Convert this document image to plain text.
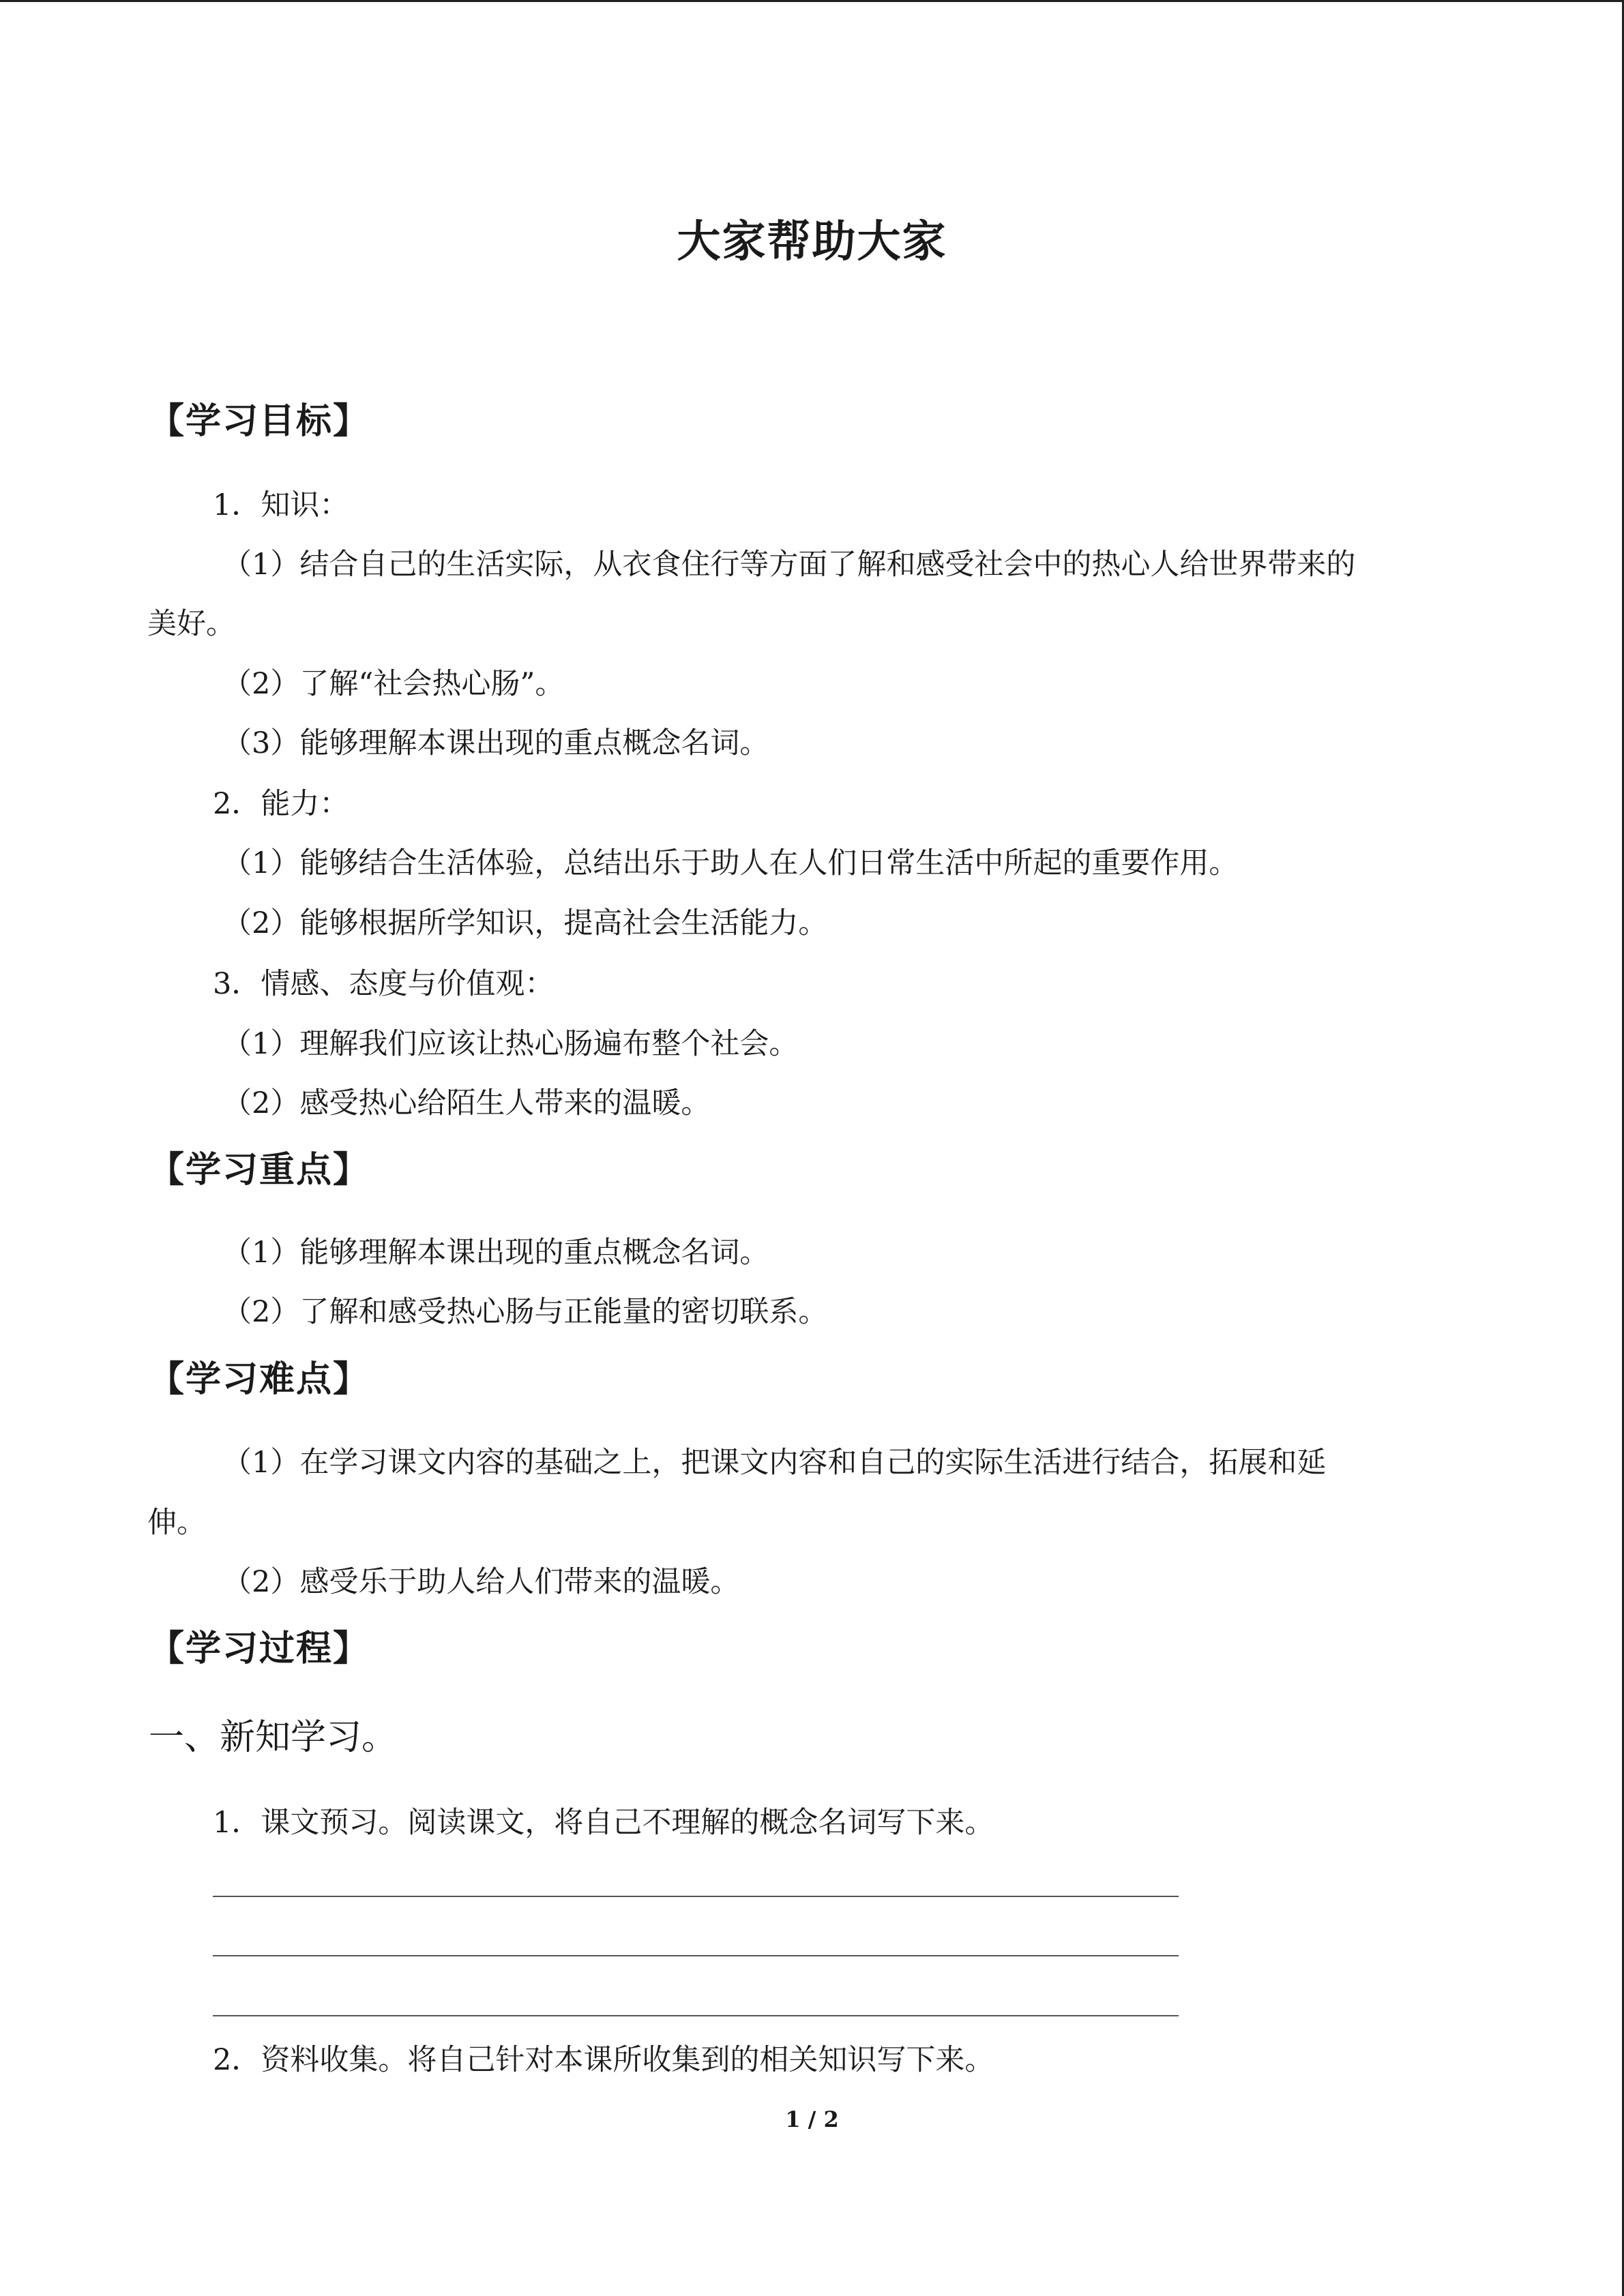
大家帮助大家
【学习目标】
1．知识：
（1）结合自己的生活实际，从衣食住行等方面了解和感受社会中的热心人给世界带来的
美好。
（2）了解“社会热心肠”。
（3）能够理解本课出现的重点概念名词。
2．能力：
（1）能够结合生活体验，总结出乐于助人在人们日常生活中所起的重要作用。
（2）能够根据所学知识，提高社会生活能力。
3．情感、态度与价值观：
（1）理解我们应该让热心肠遍布整个社会。
（2）感受热心给陌生人带来的温暖。
【学习重点】
（1）能够理解本课出现的重点概念名词。
（2）了解和感受热心肠与正能量的密切联系。
【学习难点】
（1）在学习课文内容的基础之上，把课文内容和自己的实际生活进行结合，拓展和延
伸。
（2）感受乐于助人给人们带来的温暖。
【学习过程】
一、新知学习。
1．课文预习。阅读课文，将自己不理解的概念名词写下来。
2．资料收集。将自己针对本课所收集到的相关知识写下来。
1 / 2
